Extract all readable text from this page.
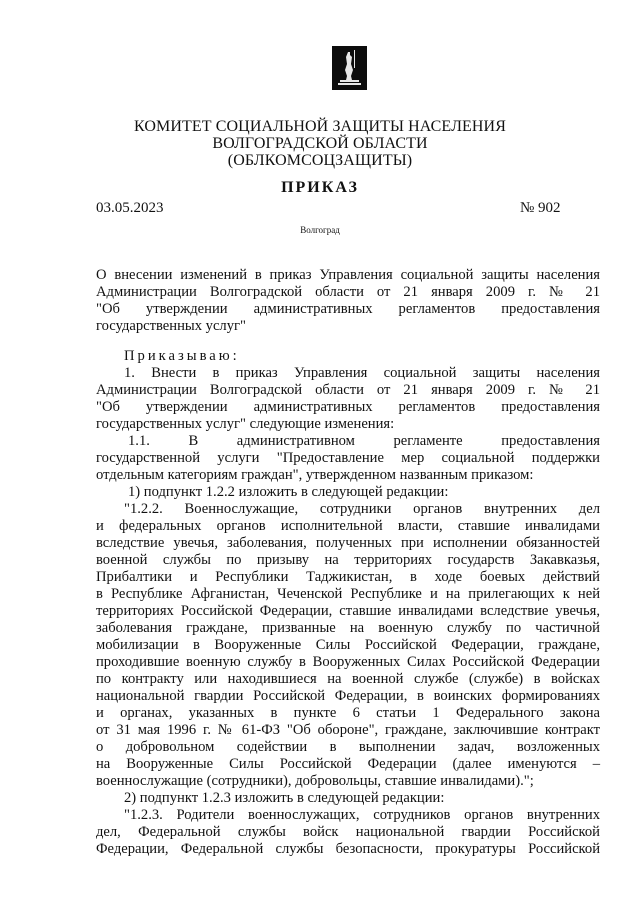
КОМИТЕТ СОЦИАЛЬНОЙ ЗАЩИТЫ НАСЕЛЕНИЯ
ВОЛГОГРАДСКОЙ ОБЛАСТИ
(ОБЛКОМСОЦЗАЩИТЫ)
ПРИКАЗ
03.05.2023	№ 902
Волгоград
О внесении изменений в приказ Управления социальной защиты населения
Администрации Волгоградской области от 21 января 2009 г. № 21
"Об утверждении административных регламентов предоставления
государственных услуг"
Приказываю:
1. Внести в приказ Управления социальной защиты населения
Администрации Волгоградской области от 21 января 2009 г. № 21
"Об утверждении административных регламентов предоставления
государственных услуг" следующие изменения:
1.1. В административном регламенте предоставления
государственной услуги "Предоставление мер социальной поддержки
отдельным категориям граждан", утвержденном названным приказом:
1) подпункт 1.2.2 изложить в следующей редакции:
"1.2.2. Военнослужащие, сотрудники органов внутренних дел
и федеральных органов исполнительной власти, ставшие инвалидами
вследствие увечья, заболевания, полученных при исполнении обязанностей
военной службы по призыву на территориях государств Закавказья,
Прибалтики и Республики Таджикистан, в ходе боевых действий
в Республике Афганистан, Чеченской Республике и на прилегающих к ней
территориях Российской Федерации, ставшие инвалидами вследствие увечья,
заболевания граждане, призванные на военную службу по частичной
мобилизации в Вооруженные Силы Российской Федерации, граждане,
проходившие военную службу в Вооруженных Силах Российской Федерации
по контракту или находившиеся на военной службе (службе) в войсках
национальной гвардии Российской Федерации, в воинских формированиях
и органах, указанных в пункте 6 статьи 1 Федерального закона
от 31 мая 1996 г. № 61-ФЗ "Об обороне", граждане, заключившие контракт
о добровольном содействии в выполнении задач, возложенных
на Вооруженные Силы Российской Федерации (далее именуются –
военнослужащие (сотрудники), добровольцы, ставшие инвалидами).";
2) подпункт 1.2.3 изложить в следующей редакции:
"1.2.3. Родители военнослужащих, сотрудников органов внутренних
дел, Федеральной службы войск национальной гвардии Российской
Федерации, Федеральной службы безопасности, прокуратуры Российской
